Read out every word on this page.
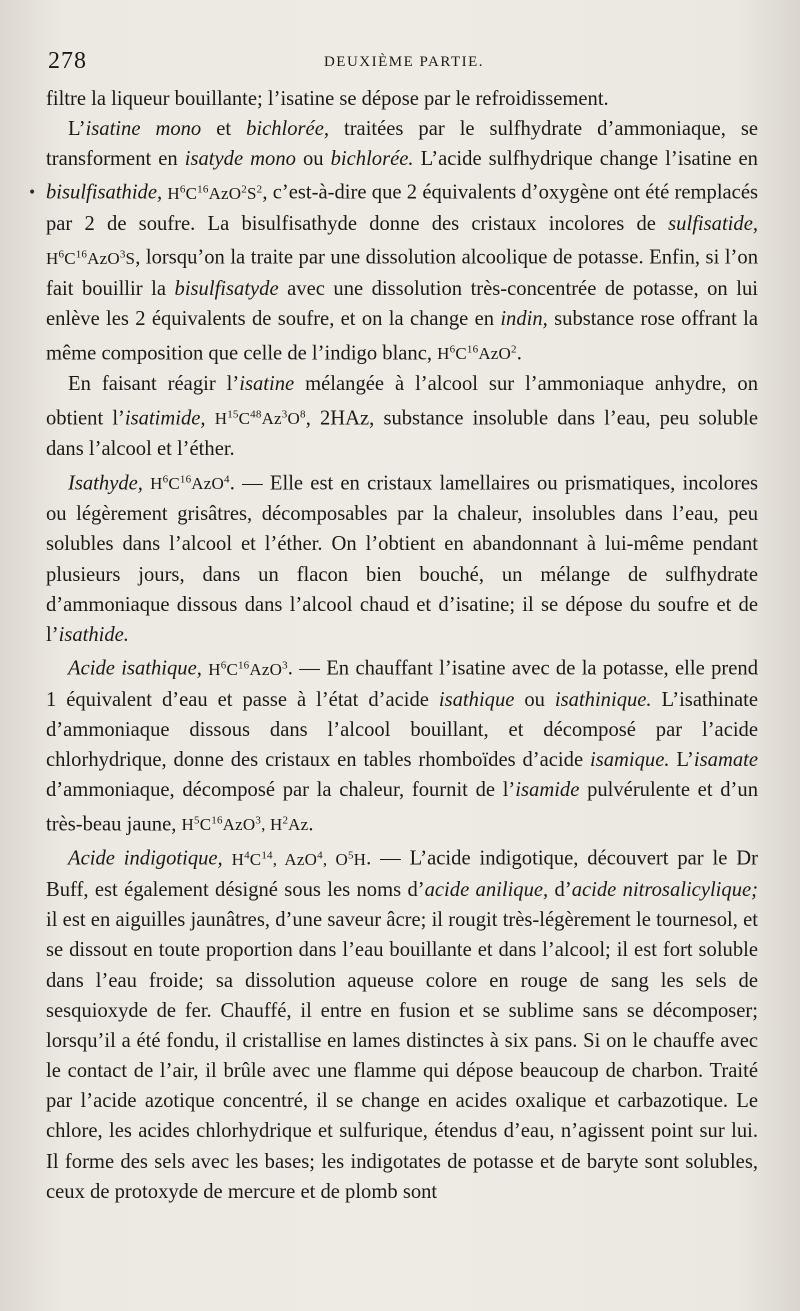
278	DEUXIÈME PARTIE.
•

filtre la liqueur bouillante; l’isatine se dépose par le refroidissement.

L’isatine mono et bichlorée, traitées par le sulfhydrate d’ammoniaque, se transforment en isatyde mono ou bichlorée. L’acide sulfhydrique change l’isatine en bisulfisathide, $H^6C^{16}AzO^2S^2$, c’est-à-dire que 2 équivalents d’oxygène ont été remplacés par 2 de soufre. La bisulfisathyde donne des cristaux incolores de sulfisatide, $H^6C^{16}AzO^3S$, lorsqu’on la traite par une dissolution alcoolique de potasse. Enfin, si l’on fait bouillir la bisulfisatyde avec une dissolution très-concentrée de potasse, on lui enlève les 2 équivalents de soufre, et on la change en indin, substance rose offrant la même composition que celle de l’indigo blanc, $H^6C^{16}AzO^2$.

En faisant réagir l’isatine mélangée à l’alcool sur l’ammoniaque anhydre, on obtient l’isatimide, $H^{15}C^{48}Az^3O^8$, 2HAz, substance insoluble dans l’eau, peu soluble dans l’alcool et l’éther.

Isathyde, $H^6C^{16}AzO^4$. — Elle est en cristaux lamellaires ou prismatiques, incolores ou légèrement grisâtres, décomposables par la chaleur, insolubles dans l’eau, peu solubles dans l’alcool et l’éther. On l’obtient en abandonnant à lui-même pendant plusieurs jours, dans un flacon bien bouché, un mélange de sulfhydrate d’ammoniaque dissous dans l’alcool chaud et d’isatine; il se dépose du soufre et de l’isathide.

Acide isathique, $H^6C^{16}AzO^3$. — En chauffant l’isatine avec de la potasse, elle prend 1 équivalent d’eau et passe à l’état d’acide isathique ou isathinique. L’isathinate d’ammoniaque dissous dans l’alcool bouillant, et décomposé par l’acide chlorhydrique, donne des cristaux en tables rhomboïdes d’acide isamique. L’isamate d’ammoniaque, décomposé par la chaleur, fournit de l’isamide pulvérulente et d’un très-beau jaune, $H^5C^{16}AzO^3$, $H^2Az$.

Acide indigotique, $H^4C^{14}$, AzO$^4$, $O^5H$. — L’acide indigotique, découvert par le Dr Buff, est également désigné sous les noms d’acide anilique, d’acide nitrosalicylique; il est en aiguilles jaunâtres, d’une saveur âcre; il rougit très-légèrement le tournesol, et se dissout en toute proportion dans l’eau bouillante et dans l’alcool; il est fort soluble dans l’eau froide; sa dissolution aqueuse colore en rouge de sang les sels de sesquioxyde de fer. Chauffé, il entre en fusion et se sublime sans se décomposer; lorsqu’il a été fondu, il cristallise en lames distinctes à six pans. Si on le chauffe avec le contact de l’air, il brûle avec une flamme qui dépose beaucoup de charbon. Traité par l’acide azotique concentré, il se change en acides oxalique et carbazotique. Le chlore, les acides chlorhydrique et sulfurique, étendus d’eau, n’agissent point sur lui. Il forme des sels avec les bases; les indigotates de potasse et de baryte sont solubles, ceux de protoxyde de mercure et de plomb sont
